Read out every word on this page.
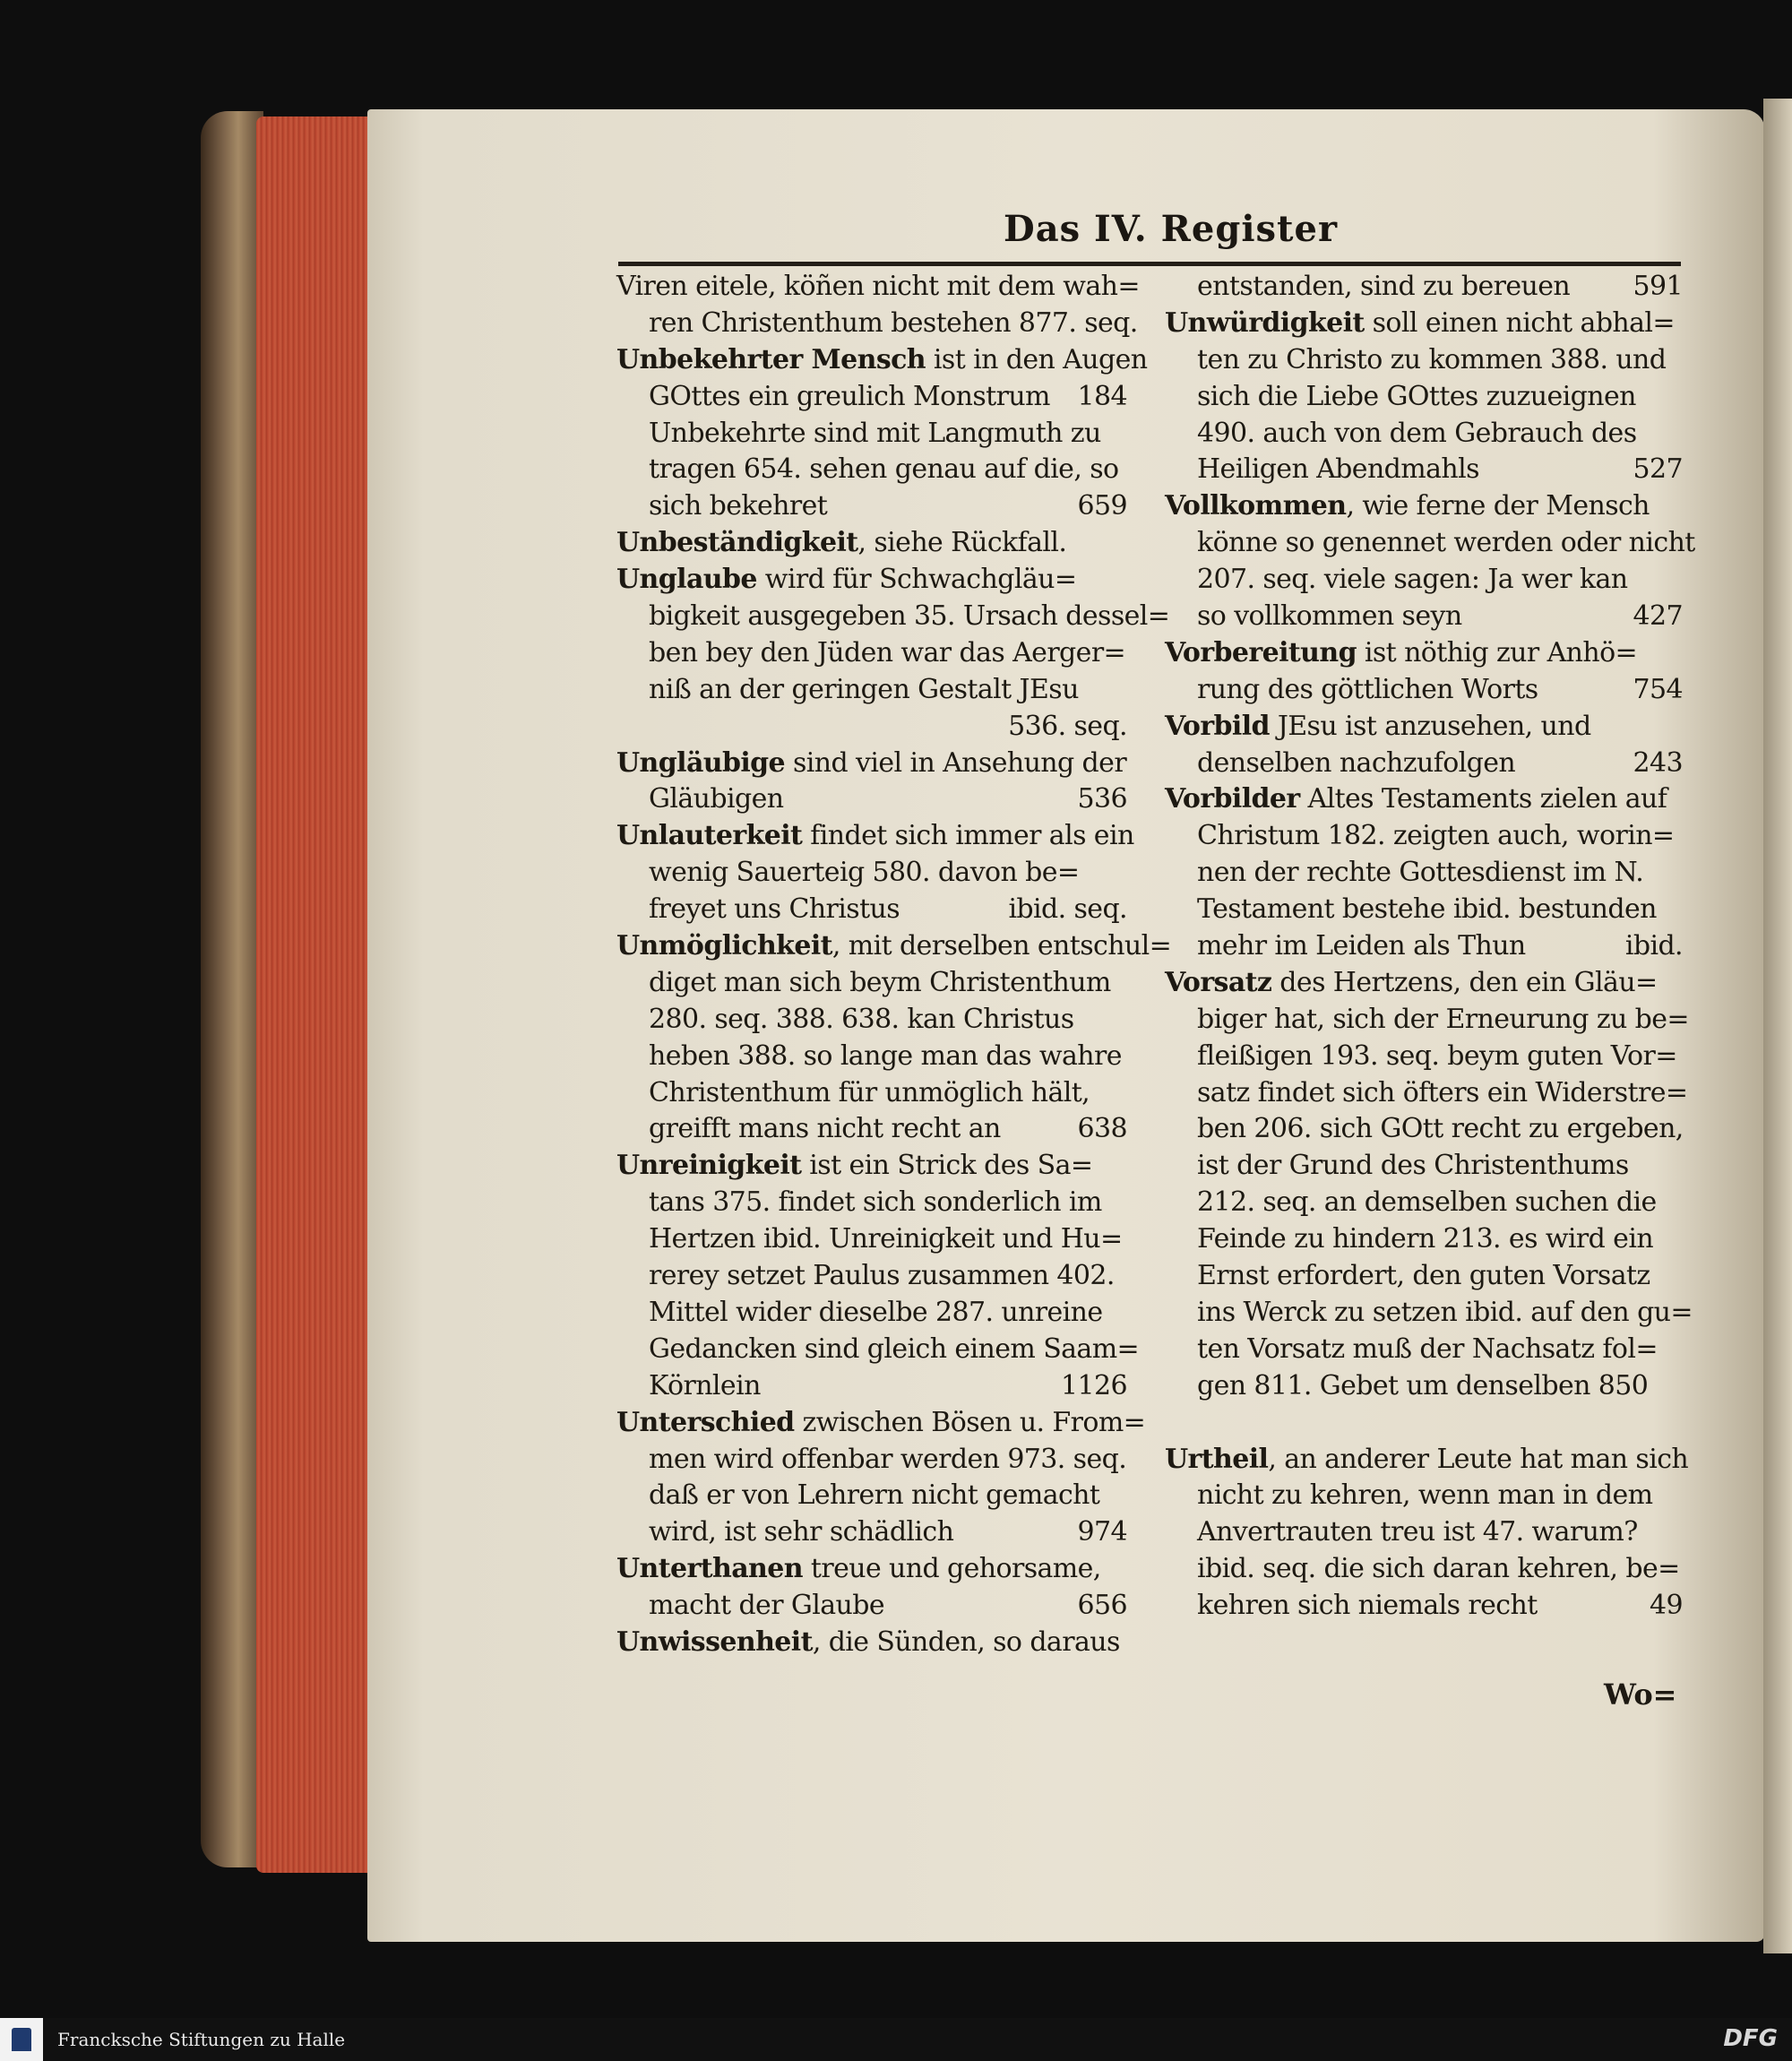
Das IV. Register
Viren eitele, köñen nicht mit dem wah=
ren Christenthum bestehen 877. seq.
Unbekehrter Mensch ist in den Augen
GOttes ein greulich Monstrum 184
Unbekehrte sind mit Langmuth zu
tragen 654. sehen genau auf die, so
sich bekehret	659
Unbeständigkeit, siehe Rückfall.
Unglaube wird für Schwachgläu=
bigkeit ausgegeben 35. Ursach dessel=
ben bey den Jüden war das Aerger=
niß an der geringen Gestalt JEsu
536. seq.
Ungläubige sind viel in Ansehung der
Gläubigen	536
Unlauterkeit findet sich immer als ein
wenig Sauerteig 580. davon be=
freyet uns Christus	ibid. seq.
Unmöglichkeit, mit derselben entschul=
diget man sich beym Christenthum
280. seq. 388. 638. kan Christus
heben 388. so lange man das wahre
Christenthum für unmöglich hält,
greifft mans nicht recht an	638
Unreinigkeit ist ein Strick des Sa=
tans 375. findet sich sonderlich im
Hertzen ibid. Unreinigkeit und Hu=
rerey setzet Paulus zusammen 402.
Mittel wider dieselbe 287. unreine
Gedancken sind gleich einem Saam=
Körnlein	1126
Unterschied zwischen Bösen u. From=
men wird offenbar werden 973. seq.
daß er von Lehrern nicht gemacht
wird, ist sehr schädlich	974
Unterthanen treue und gehorsame,
macht der Glaube	656
Unwissenheit, die Sünden, so daraus
entstanden, sind zu bereuen 591
Unwürdigkeit soll einen nicht abhal=
ten zu Christo zu kommen 388. und
sich die Liebe GOttes zuzueignen
490. auch von dem Gebrauch des
Heiligen Abendmahls	527
Vollkommen, wie ferne der Mensch
könne so genennet werden oder nicht
207. seq. viele sagen: Ja wer kan
so vollkommen seyn	427
Vorbereitung ist nöthig zur Anhö=
rung des göttlichen Worts	754
Vorbild JEsu ist anzusehen, und
denselben nachzufolgen	243
Vorbilder Altes Testaments zielen auf
Christum 182. zeigten auch, worin=
nen der rechte Gottesdienst im N.
Testament bestehe ibid. bestunden
mehr im Leiden als Thun	ibid.
Vorsatz des Hertzens, den ein Gläu=
biger hat, sich der Erneurung zu be=
fleißigen 193. seq. beym guten Vor=
satz findet sich öfters ein Widerstre=
ben 206. sich GOtt recht zu ergeben,
ist der Grund des Christenthums
212. seq. an demselben suchen die
Feinde zu hindern 213. es wird ein
Ernst erfordert, den guten Vorsatz
ins Werck zu setzen ibid. auf den gu=
ten Vorsatz muß der Nachsatz fol=
gen 811. Gebet um denselben 850
Urtheil, an anderer Leute hat man sich
nicht zu kehren, wenn man in dem
Anvertrauten treu ist 47. warum?
ibid. seq. die sich daran kehren, be=
kehren sich niemals recht	49
Wo=
Francksche Stiftungen zu Halle	DFG
